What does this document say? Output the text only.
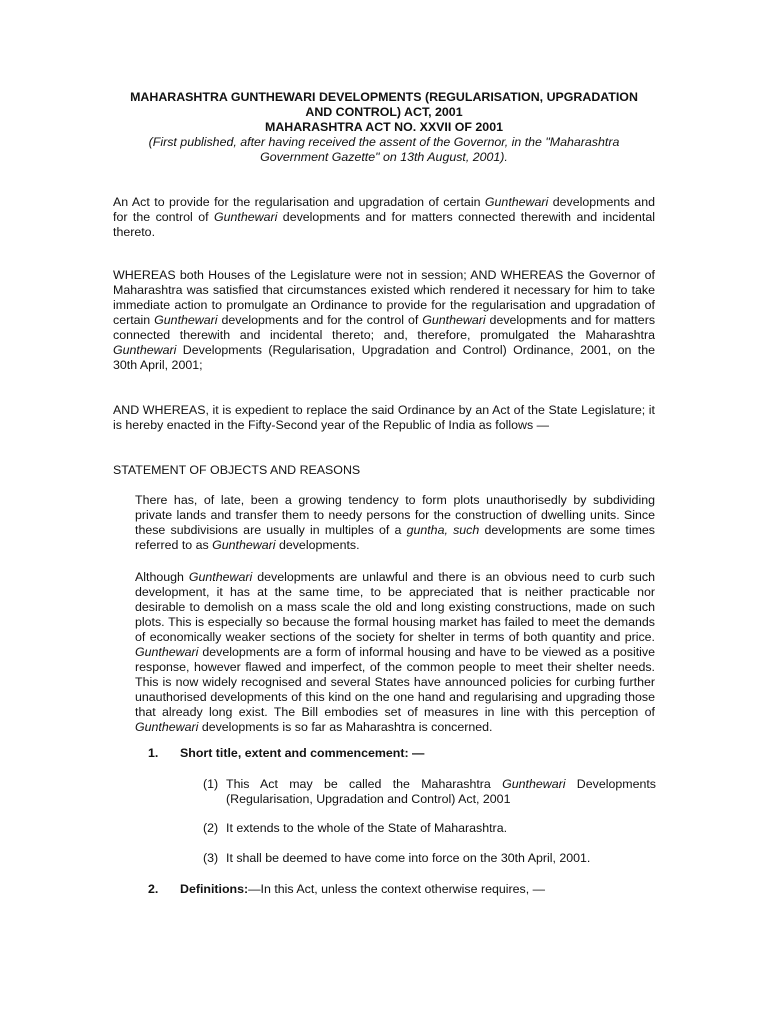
MAHARASHTRA GUNTHEWARI DEVELOPMENTS (REGULARISATION, UPGRADATION
AND CONTROL) ACT, 2001
MAHARASHTRA ACT NO. XXVII OF 2001
(First published, after having received the assent of the Governor, in the "Maharashtra
Government Gazette" on 13th August, 2001).
An Act to provide for the regularisation and upgradation of certain Gunthewari developments and for the control of Gunthewari developments and for matters connected therewith and incidental thereto.
WHEREAS both Houses of the Legislature were not in session; AND WHEREAS the Governor of Maharashtra was satisfied that circumstances existed which rendered it necessary for him to take immediate action to promulgate an Ordinance to provide for the regularisation and upgradation of certain Gunthewari developments and for the control of Gunthewari developments and for matters connected therewith and incidental thereto; and, therefore, promulgated the Maharashtra Gunthewari Developments (Regularisation, Upgradation and Control) Ordinance, 2001, on the 30th April, 2001;
AND WHEREAS, it is expedient to replace the said Ordinance by an Act of the State Legislature; it is hereby enacted in the Fifty-Second year of the Republic of India as follows —
STATEMENT OF OBJECTS AND REASONS
There has, of late, been a growing tendency to form plots unauthorisedly by subdividing private lands and transfer them to needy persons for the construction of dwelling units. Since these subdivisions are usually in multiples of a guntha, such developments are some times referred to as Gunthewari developments.
Although Gunthewari developments are unlawful and there is an obvious need to curb such development, it has at the same time, to be appreciated that is neither practicable nor desirable to demolish on a mass scale the old and long existing constructions, made on such plots. This is especially so because the formal housing market has failed to meet the demands of economically weaker sections of the society for shelter in terms of both quantity and price. Gunthewari developments are a form of informal housing and have to be viewed as a positive response, however flawed and imperfect, of the common people to meet their shelter needs. This is now widely recognised and several States have announced policies for curbing further unauthorised developments of this kind on the one hand and regularising and upgrading those that already long exist. The Bill embodies set of measures in line with this perception of Gunthewari developments is so far as Maharashtra is concerned.
1. Short title, extent and commencement: —
(1) This Act may be called the Maharashtra Gunthewari Developments (Regularisation, Upgradation and Control) Act, 2001
(2) It extends to the whole of the State of Maharashtra.
(3) It shall be deemed to have come into force on the 30th April, 2001.
2. Definitions:—In this Act, unless the context otherwise requires, —
